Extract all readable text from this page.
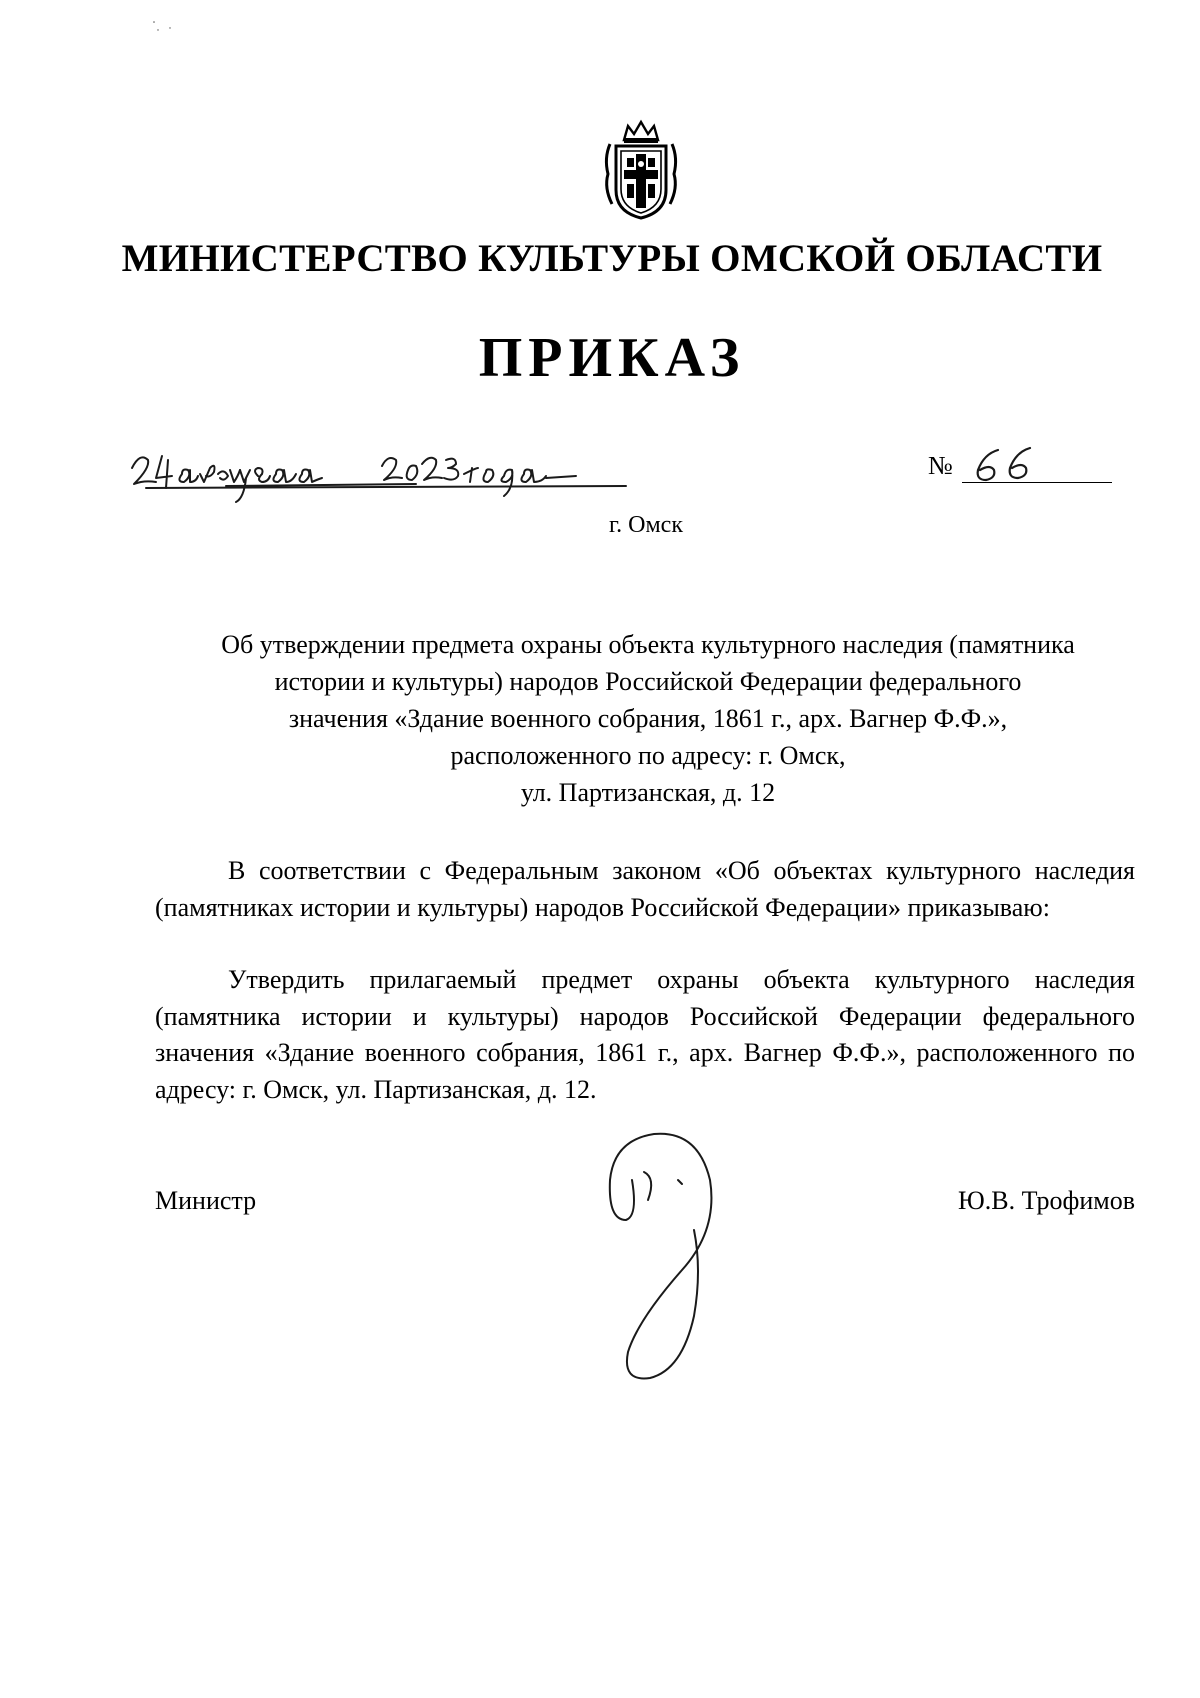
МИНИСТЕРСТВО КУЛЬТУРЫ ОМСКОЙ ОБЛАСТИ
ПРИКАЗ
№
г. Омск
Об утверждении предмета охраны объекта культурного наследия (памятника
истории и культуры) народов Российской Федерации федерального
значения «Здание военного собрания, 1861 г., арх. Вагнер Ф.Ф.»,
расположенного по адресу: г. Омск,
ул. Партизанская, д. 12

В соответствии с Федеральным законом «Об объектах культурного наследия (памятниках истории и культуры) народов Российской Федерации» приказываю:

Утвердить прилагаемый предмет охраны объекта культурного наследия (памятника истории и культуры) народов Российской Федерации федерального значения «Здание военного собрания, 1861 г., арх. Вагнер Ф.Ф.», расположенного по адресу: г. Омск, ул. Партизанская, д. 12.

Министр	Ю.В. Трофимов
